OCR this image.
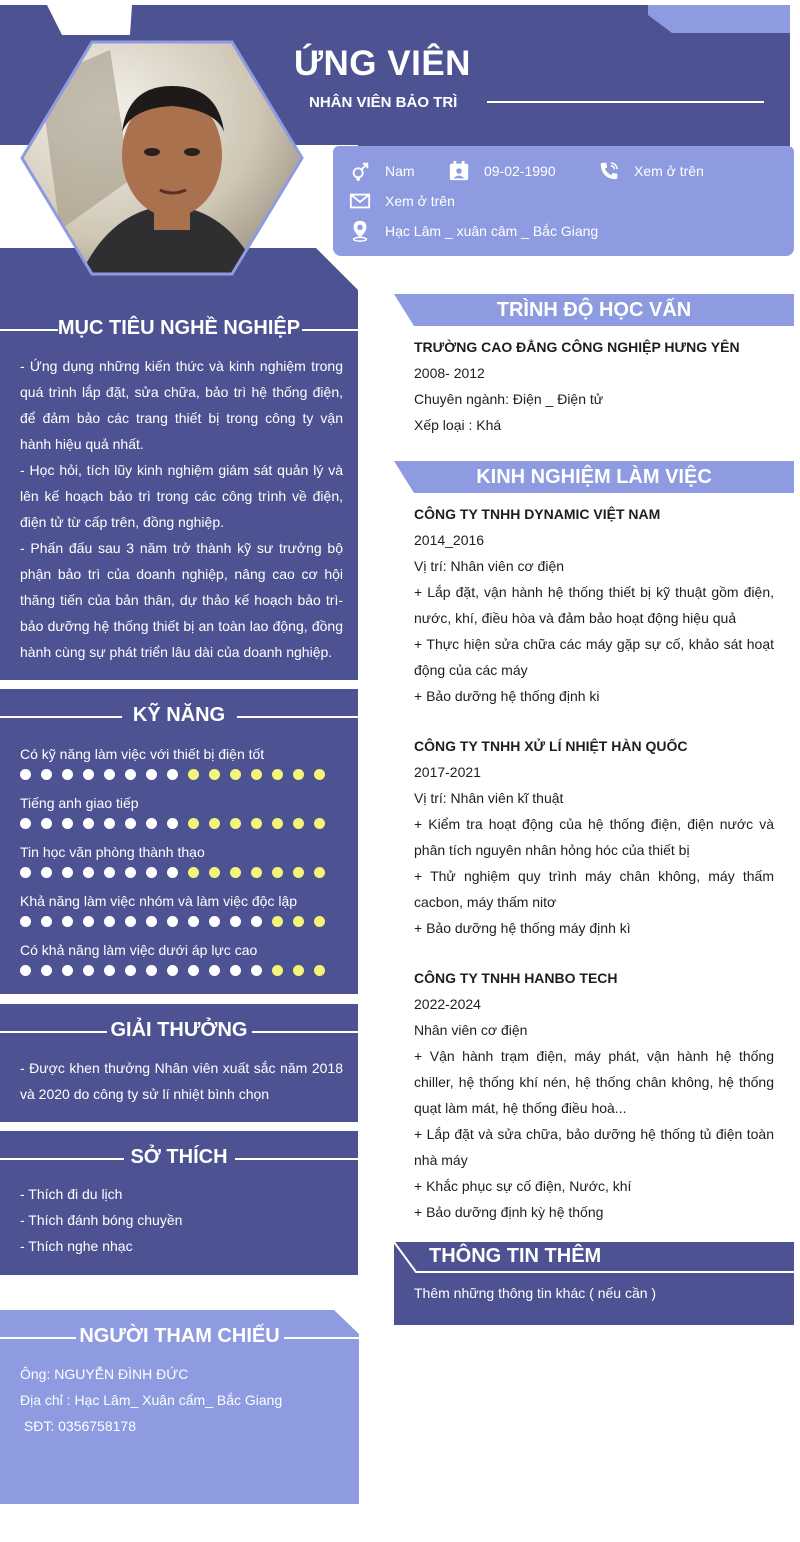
ỨNG VIÊN
NHÂN VIÊN BẢO TRÌ
Nam	09-02-1990	Xem ở trên
Xem ở trên
Hạc Lâm _ xuân câm _ Bắc Giang
MỤC TIÊU NGHỀ NGHIỆP
- Ứng dụng những kiến thức và kinh nghiệm trong quá trình lắp đặt, sửa chữa, bảo trì hệ thống điện, để đảm bảo các trang thiết bị trong công ty vận hành hiệu quả nhất.
- Học hỏi, tích lũy kinh nghiệm giám sát quản lý và lên kế hoạch bảo trì trong các công trình về điện, điện tử từ cấp trên, đồng nghiệp.
- Phấn đấu sau 3 năm trở thành kỹ sư trưởng bộ phận bảo trì của doanh nghiệp, nâng cao cơ hội thăng tiến của bản thân, dự thảo kế hoạch bảo trì- bảo dưỡng hệ thống thiết bị an toàn lao động, đồng hành cùng sự phát triển lâu dài của doanh nghiệp.
KỸ NĂNG
Có kỹ năng làm việc với thiết bị điện tốt
Tiếng anh giao tiếp
Tin học văn phòng thành thạo
Khả năng làm việc nhóm và làm việc độc lập
Có khả năng làm việc dưới áp lực cao
GIẢI THƯỞNG
- Được khen thưởng Nhân viên xuất sắc năm 2018 và 2020 do công ty sử lí nhiệt bình chọn
SỞ THÍCH
- Thích đi du lịch
- Thích đánh bóng chuyền
- Thích nghe nhạc
NGƯỜI THAM CHIẾU
Ông: NGUYỄN ĐÌNH ĐỨC
Địa chỉ : Hạc Lâm_ Xuân cẩm_ Bắc Giang
SĐT: 0356758178
TRÌNH ĐỘ HỌC VẤN
TRƯỜNG CAO ĐẲNG CÔNG NGHIỆP HƯNG YÊN
2008- 2012
Chuyên ngành: Điện _ Điện tử
Xếp loại : Khá
KINH NGHIỆM LÀM VIỆC
CÔNG TY TNHH DYNAMIC VIỆT NAM
2014_2016
Vị trí: Nhân viên cơ điện
+ Lắp đặt, vận hành hệ thống thiết bị kỹ thuật gồm điện, nước, khí, điều hòa và đảm bảo hoạt động hiệu quả
+ Thực hiện sửa chữa các máy gặp sự cố, khảo sát hoạt động của các máy
+ Bảo dưỡng hệ thống định ki
CÔNG TY TNHH XỬ LÍ NHIỆT HÀN QUỐC
2017-2021
Vị trí: Nhân viên kĩ thuật
+ Kiểm tra hoạt động của hệ thống điện, điện nước và phân tích nguyên nhân hỏng hóc của thiết bị
+ Thử nghiệm quy trình máy chân không, máy thấm cacbon, máy thấm nitơ
+ Bảo dưỡng hệ thống máy định kì
CÔNG TY TNHH HANBO TECH
2022-2024
Nhân viên cơ điện
+ Vận hành trạm điện, máy phát, vận hành hệ thống chiller, hệ thống khí nén, hệ thống chân không, hệ thống quạt làm mát, hệ thống điều hoà...
+ Lắp đặt và sửa chữa, bảo dưỡng hệ thống tủ điện toàn nhà máy
+ Khắc phục sự cố điện, Nước, khí
+ Bảo dưỡng định kỳ hệ thống
THÔNG TIN THÊM
Thêm những thông tin khác ( nếu cần )
